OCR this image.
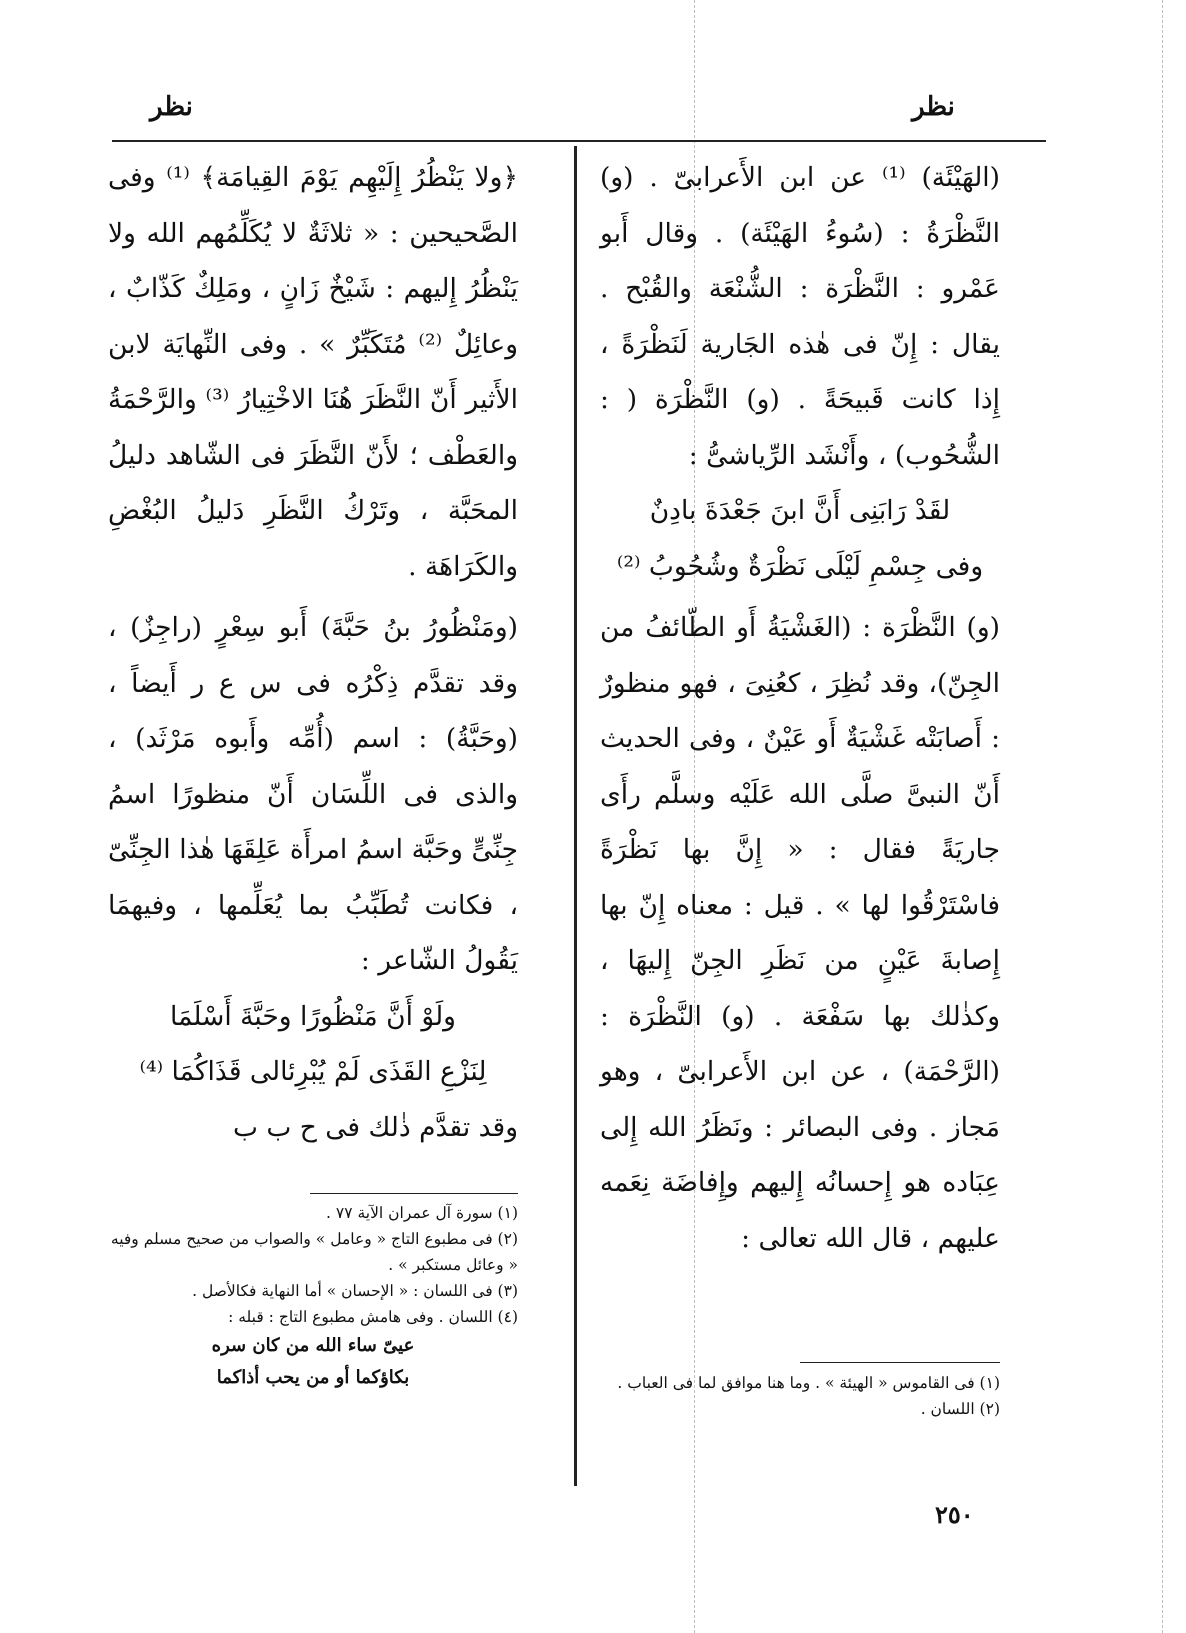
نظر
نظر

(الهَيْئَة) ⁽¹⁾ عن ابن الأَعرابىّ . (و) النَّظْرَةُ : (سُوءُ الهَيْئَة) . وقال أَبو عَمْرو : النَّظْرَة : الشُّنْعَة والقُبْح . يقال : إِنّ فى هٰذه الجَارية لَنَظْرَةً ، إِذا كانت قَبيحَةً . (و) النَّظْرَة ( : الشُّحُوب) ، وأَنْشَد الرِّياشىُّ :

لقَدْ رَابَنِى أَنَّ ابنَ جَعْدَةَ بادِنٌ

وفى جِسْمِ لَيْلَى نَظْرَةٌ وشُحُوبُ ⁽²⁾

(و) النَّظْرَة : (الغَشْيَةُ أَو الطّائفُ من الجِنّ)، وقد نُظِرَ ، كعُنِىَ ، فهو منظورٌ : أَصابَتْه غَشْيَةٌ أَو عَيْنٌ ، وفى الحديث أَنّ النبىَّ صلَّى الله عَلَيْه وسلَّم رأَى جاريَةً فقال : « إِنَّ بها نَظْرَةً فاسْتَرْقُوا لها » . قيل : معناه إِنّ بها إِصابةَ عَيْنٍ من نَظَرِ الجِنّ إِليهَا ، وكذٰلك بها سَفْعَة . (و) النَّظْرَة : (الرَّحْمَة) ، عن ابن الأَعرابىّ ، وهو مَجاز . وفى البصائر : ونَظَرُ الله إِلى عِبَاده هو إِحسانُه إِليهم وإِفاضَة نِعَمه عليهم ، قال الله تعالى :

(١) فى القاموس « الهيئة » . وما هنا موافق لما فى العباب .

(٢) اللسان .

﴿ولا يَنْظُرُ إِلَيْهِم يَوْمَ القِيامَة﴾ ⁽¹⁾ وفى الصَّحيحين : « ثلاثَةٌ لا يُكَلِّمُهم الله ولا يَنْظُرُ إِليهم : شَيْخٌ زَانٍ ، ومَلِكٌ كَذّابٌ ، وعائِلٌ ⁽²⁾ مُتَكَبِّرٌ » . وفى النِّهايَة لابن الأَثير أَنّ النَّظَرَ هُنَا الاخْتِيارُ ⁽³⁾ والرَّحْمَةُ والعَطْف ؛ لأَنّ النَّظَرَ فى الشّاهد دليلُ المحَبَّة ، وتَرْكُ النَّظَرِ دَليلُ البُغْضِ والكَرَاهَة .

(ومَنْظُورُ بنُ حَبَّةَ) أَبو سِعْرٍ (راجِزٌ) ، وقد تقدَّم ذِكْرُه فى س ع ر أَيضاً ، (وحَبَّةُ) : اسم (أُمِّه وأَبوه مَرْثَد) ، والذى فى اللِّسَان أَنّ منظورًا اسمُ جِنِّىٍّ وحَبَّة اسمُ امرأَة عَلِقَهَا هٰذا الجِنِّىّ ، فكانت تُطَبِّبُ بما يُعَلِّمها ، وفيهمَا يَقُولُ الشّاعر :

ولَوْ أَنَّ مَنْظُورًا وحَبَّةَ أَسْلَمَا

لِنَزْعِ القَذَى لَمْ يُبْرِئالى قَذَاكُمَا ⁽⁴⁾

وقد تقدَّم ذٰلك فى ح ب ب

(١) سورة آل عمران الآية ٧٧ .

(٢) فى مطبوع التاج « وعامل » والصواب من صحيح مسلم وفيه « وعائل مستكبر » .

(٣) فى اللسان : « الإحسان » أما النهاية فكالأصل .

(٤) اللسان . وفى هامش مطبوع التاج : قبله :

عيىّ ساء الله من كان سره

بكاؤكما أو من يحب أذاكما

٢٥٠
